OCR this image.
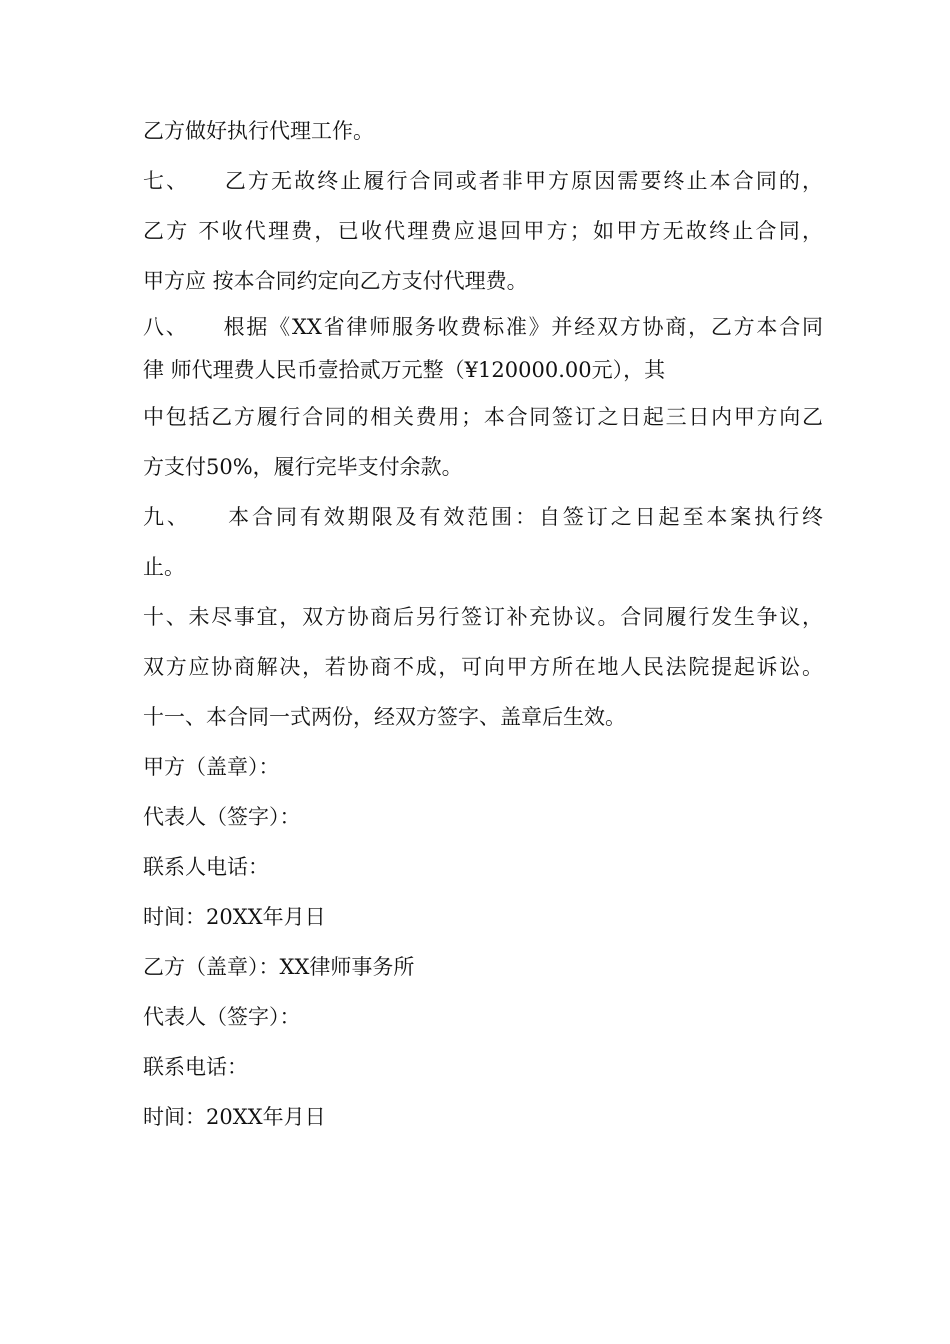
乙方做好执行代理工作。
七、　　乙方无故终止履行合同或者非甲方原因需要终止本合同的，
乙方 不收代理费，已收代理费应退回甲方；如甲方无故终止合同，
甲方应 按本合同约定向乙方支付代理费。
八、　　根据《XX省律师服务收费标准》并经双方协商，乙方本合同
律 师代理费人民币壹拾贰万元整（¥120000.00元），其
中包括乙方履行合同的相关费用；本合同签订之日起三日内甲方向乙
方支付50%，履行完毕支付余款。
九、　　本合同有效期限及有效范围：自签订之日起至本案执行终
止。
十、未尽事宜，双方协商后另行签订补充协议。合同履行发生争议，
双方应协商解决，若协商不成，可向甲方所在地人民法院提起诉讼。
十一、本合同一式两份，经双方签字、盖章后生效。
甲方（盖章）：
代表人（签字）：
联系人电话：
时间：20XX年月日
乙方（盖章）：XX律师事务所
代表人（签字）：
联系电话：
时间：20XX年月日
